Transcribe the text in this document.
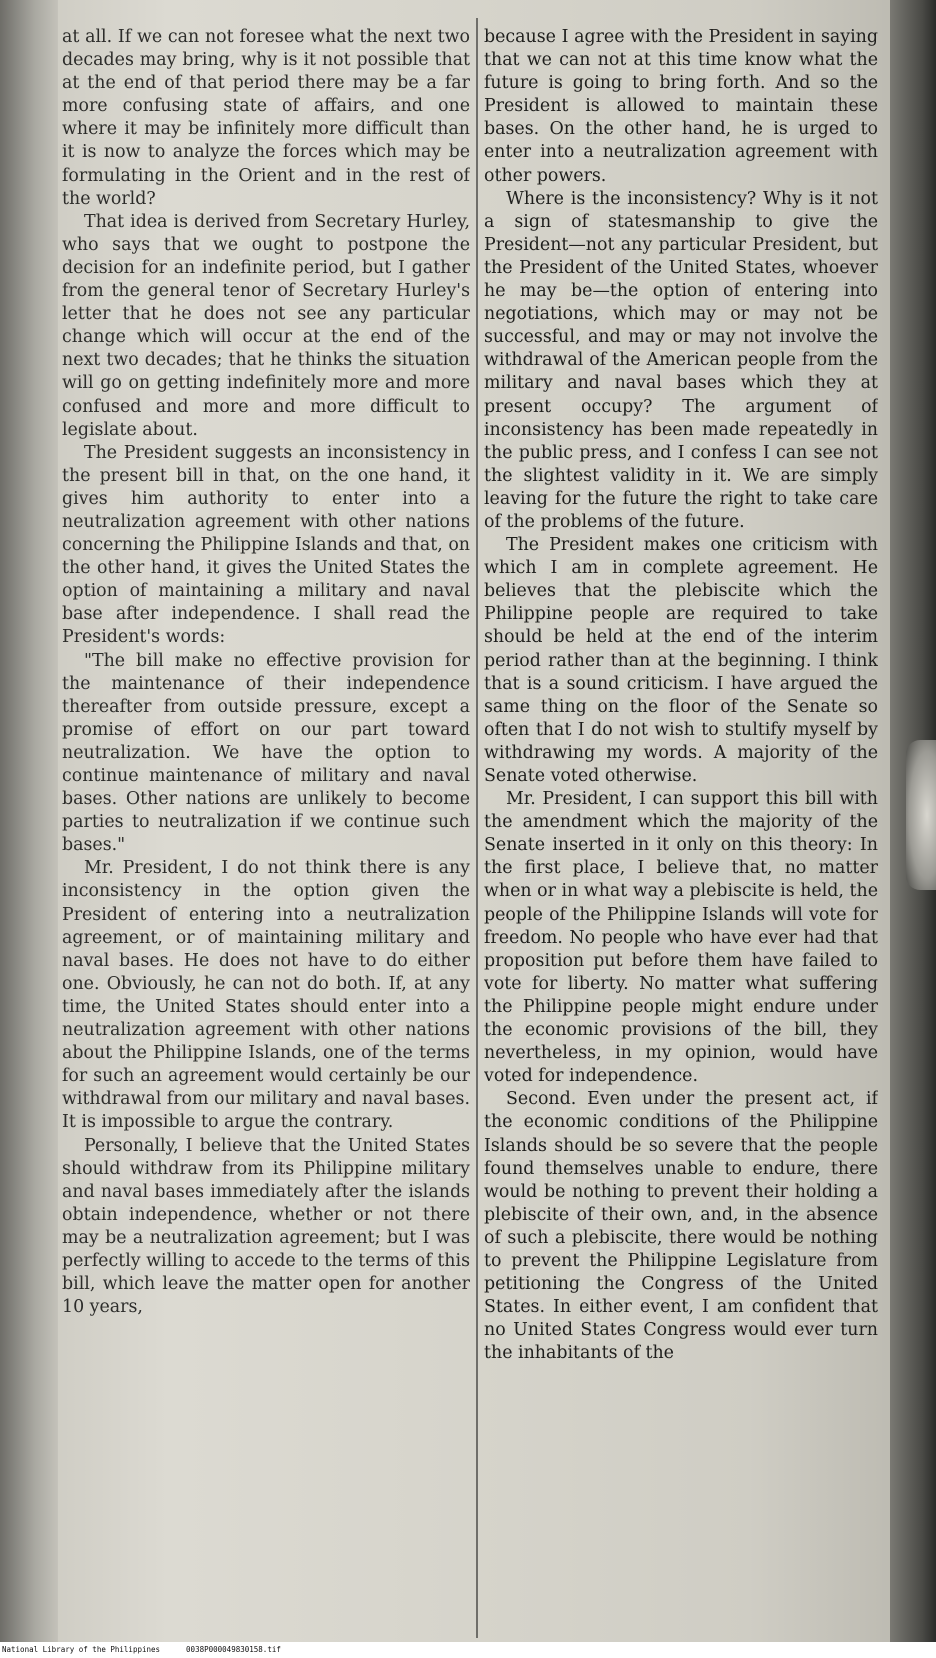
at all. If we can not foresee what the next two decades may bring, why is it not possible that at the end of that period there may be a far more confusing state of affairs, and one where it may be infinitely more difficult than it is now to analyze the forces which may be formulating in the Orient and in the rest of the world?

That idea is derived from Secretary Hurley, who says that we ought to postpone the decision for an indefinite period, but I gather from the general tenor of Secretary Hurley's letter that he does not see any particular change which will occur at the end of the next two decades; that he thinks the situation will go on getting indefinitely more and more confused and more and more difficult to legislate about.

The President suggests an inconsistency in the present bill in that, on the one hand, it gives him authority to enter into a neutralization agreement with other nations concerning the Philippine Islands and that, on the other hand, it gives the United States the option of maintaining a military and naval base after independence. I shall read the President's words:

"The bill make no effective provision for the maintenance of their independence thereafter from outside pressure, except a promise of effort on our part toward neutralization. We have the option to continue maintenance of military and naval bases. Other nations are unlikely to become parties to neutralization if we continue such bases."

Mr. President, I do not think there is any inconsistency in the option given the President of entering into a neutralization agreement, or of maintaining military and naval bases. He does not have to do either one. Obviously, he can not do both. If, at any time, the United States should enter into a neutralization agreement with other nations about the Philippine Islands, one of the terms for such an agreement would certainly be our withdrawal from our military and naval bases. It is impossible to argue the contrary.

Personally, I believe that the United States should withdraw from its Philippine military and naval bases immediately after the islands obtain independence, whether or not there may be a neutralization agreement; but I was perfectly willing to accede to the terms of this bill, which leave the matter open for another 10 years,

because I agree with the President in saying that we can not at this time know what the future is going to bring forth. And so the President is allowed to maintain these bases. On the other hand, he is urged to enter into a neutralization agreement with other powers.

Where is the inconsistency? Why is it not a sign of statesmanship to give the President—not any particular President, but the President of the United States, whoever he may be—the option of entering into negotiations, which may or may not be successful, and may or may not involve the withdrawal of the American people from the military and naval bases which they at present occupy? The argument of inconsistency has been made repeatedly in the public press, and I confess I can see not the slightest validity in it. We are simply leaving for the future the right to take care of the problems of the future.

The President makes one criticism with which I am in complete agreement. He believes that the plebiscite which the Philippine people are required to take should be held at the end of the interim period rather than at the beginning. I think that is a sound criticism. I have argued the same thing on the floor of the Senate so often that I do not wish to stultify myself by withdrawing my words. A majority of the Senate voted otherwise.

Mr. President, I can support this bill with the amendment which the majority of the Senate inserted in it only on this theory: In the first place, I believe that, no matter when or in what way a plebiscite is held, the people of the Philippine Islands will vote for freedom. No people who have ever had that proposition put before them have failed to vote for liberty. No matter what suffering the Philippine people might endure under the economic provisions of the bill, they nevertheless, in my opinion, would have voted for independence.

Second. Even under the present act, if the economic conditions of the Philippine Islands should be so severe that the people found themselves unable to endure, there would be nothing to prevent their holding a plebiscite of their own, and, in the absence of such a plebiscite, there would be nothing to prevent the Philippine Legislature from petitioning the Congress of the United States. In either event, I am confident that no United States Congress would ever turn the inhabitants of the

National Library of the Philippines	0038P000049830158.tif
